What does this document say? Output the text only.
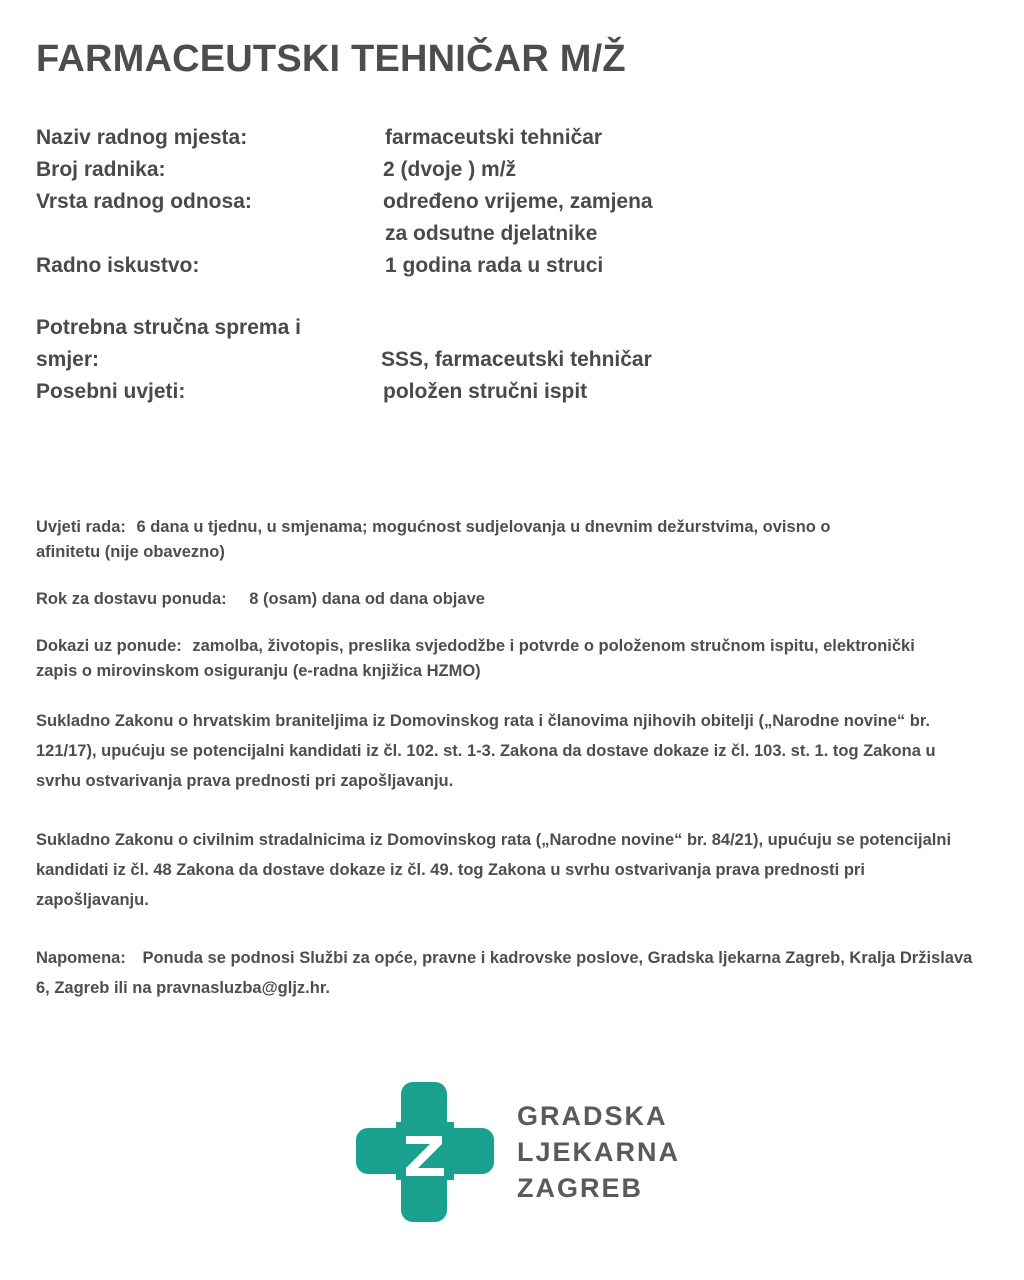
FARMACEUTSKI TEHNIČAR M/Ž
Naziv radnog mjesta:	farmaceutski tehničar
Broj radnika:	2 (dvoje ) m/ž
Vrsta radnog odnosa:	određeno vrijeme, zamjena
za odsutne djelatnike
Radno iskustvo:	1 godina rada u struci
Potrebna stručna sprema i
smjer:	SSS, farmaceutski tehničar
Posebni uvjeti:	položen stručni ispit

Uvjeti rada: 6 dana u tjednu, u smjenama; mogućnost sudjelovanja u dnevnim dežurstvima, ovisno o afinitetu (nije obavezno)

Rok za dostavu ponuda: 8 (osam) dana od dana objave

Dokazi uz ponude: zamolba, životopis, preslika svjedodžbe i potvrde o položenom stručnom ispitu, elektronički zapis o mirovinskom osiguranju (e-radna knjižica HZMO)

Sukladno Zakonu o hrvatskim braniteljima iz Domovinskog rata i članovima njihovih obitelji („Narodne novine“ br. 121/17), upućuju se potencijalni kandidati iz čl. 102. st. 1-3. Zakona da dostave dokaze iz čl. 103. st. 1. tog Zakona u svrhu ostvarivanja prava prednosti pri zapošljavanju.

Sukladno Zakonu o civilnim stradalnicima iz Domovinskog rata („Narodne novine“ br. 84/21), upućuju se potencijalni kandidati iz čl. 48 Zakona da dostave dokaze iz čl. 49. tog Zakona u svrhu ostvarivanja prava prednosti pri zapošljavanju.

Napomena: Ponuda se podnosi Službi za opće, pravne i kadrovske poslove, Gradska ljekarna Zagreb, Kralja Držislava 6, Zagreb ili na pravnasluzba@gljz.hr.

GRADSKA
LJEKARNA
ZAGREB
